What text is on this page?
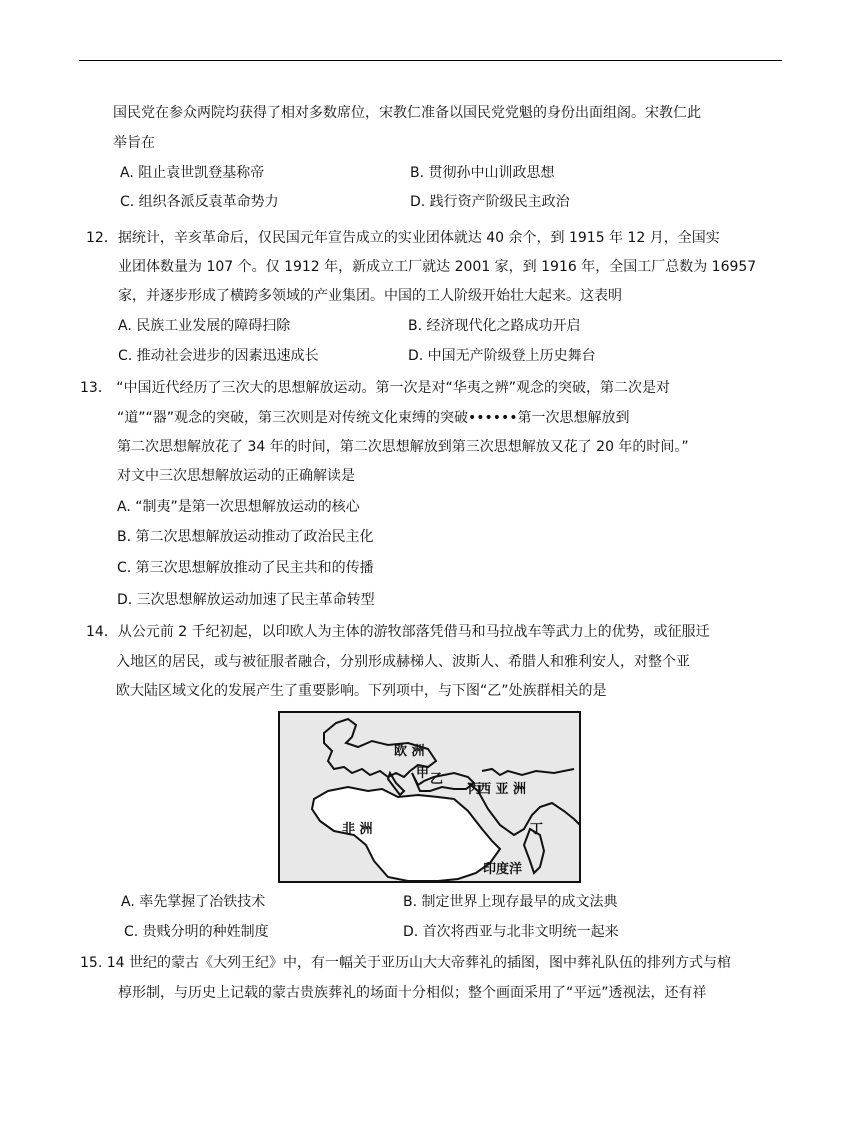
国民党在参众两院均获得了相对多数席位，宋教仁准备以国民党党魁的身份出面组阁。宋教仁此
举旨在
A. 阻止袁世凯登基称帝	B. 贯彻孙中山训政思想
C. 组织各派反袁革命势力	D. 践行资产阶级民主政治
12．据统计，辛亥革命后，仅民国元年宣告成立的实业团体就达 40 余个，到 1915 年 12 月，全国实
业团体数量为 107 个。仅 1912 年，新成立工厂就达 2001 家，到 1916 年，全国工厂总数为 16957
家，并逐步形成了横跨多领域的产业集团。中国的工人阶级开始壮大起来。这表明
A. 民族工业发展的障碍扫除	B. 经济现代化之路成功开启
C. 推动社会进步的因素迅速成长	D. 中国无产阶级登上历史舞台
13． “中国近代经历了三次大的思想解放运动。第一次是对“华夷之辨”观念的突破，第二次是对
“道”“器”观念的突破，第三次则是对传统文化束缚的突破••••••第一次思想解放到
第二次思想解放花了 34 年的时间，第二次思想解放到第三次思想解放又花了 20 年的时间。”
对文中三次思想解放运动的正确解读是
A. “制夷”是第一次思想解放运动的核心
B. 第二次思想解放运动推动了政治民主化
C. 第三次思想解放推动了民主共和的传播
D. 三次思想解放运动加速了民主革命转型
14．从公元前 2 千纪初起，以印欧人为主体的游牧部落凭借马和马拉战车等武力上的优势，或征服迁
入地区的居民，或与被征服者融合，分别形成赫梯人、波斯人、希腊人和雅利安人，对整个亚
欧大陆区域文化的发展产生了重要影响。下列项中，与下图“乙”处族群相关的是
欧 洲
甲 乙
丙
西 亚 洲
非 洲	丁
印度洋
A. 率先掌握了冶铁技术	B. 制定世界上现存最早的成文法典
C. 贵贱分明的种姓制度	D. 首次将西亚与北非文明统一起来
15. 14 世纪的蒙古《大列王纪》中，有一幅关于亚历山大大帝葬礼的插图，图中葬礼队伍的排列方式与棺
椁形制，与历史上记载的蒙古贵族葬礼的场面十分相似；整个画面采用了“平远”透视法，还有祥
